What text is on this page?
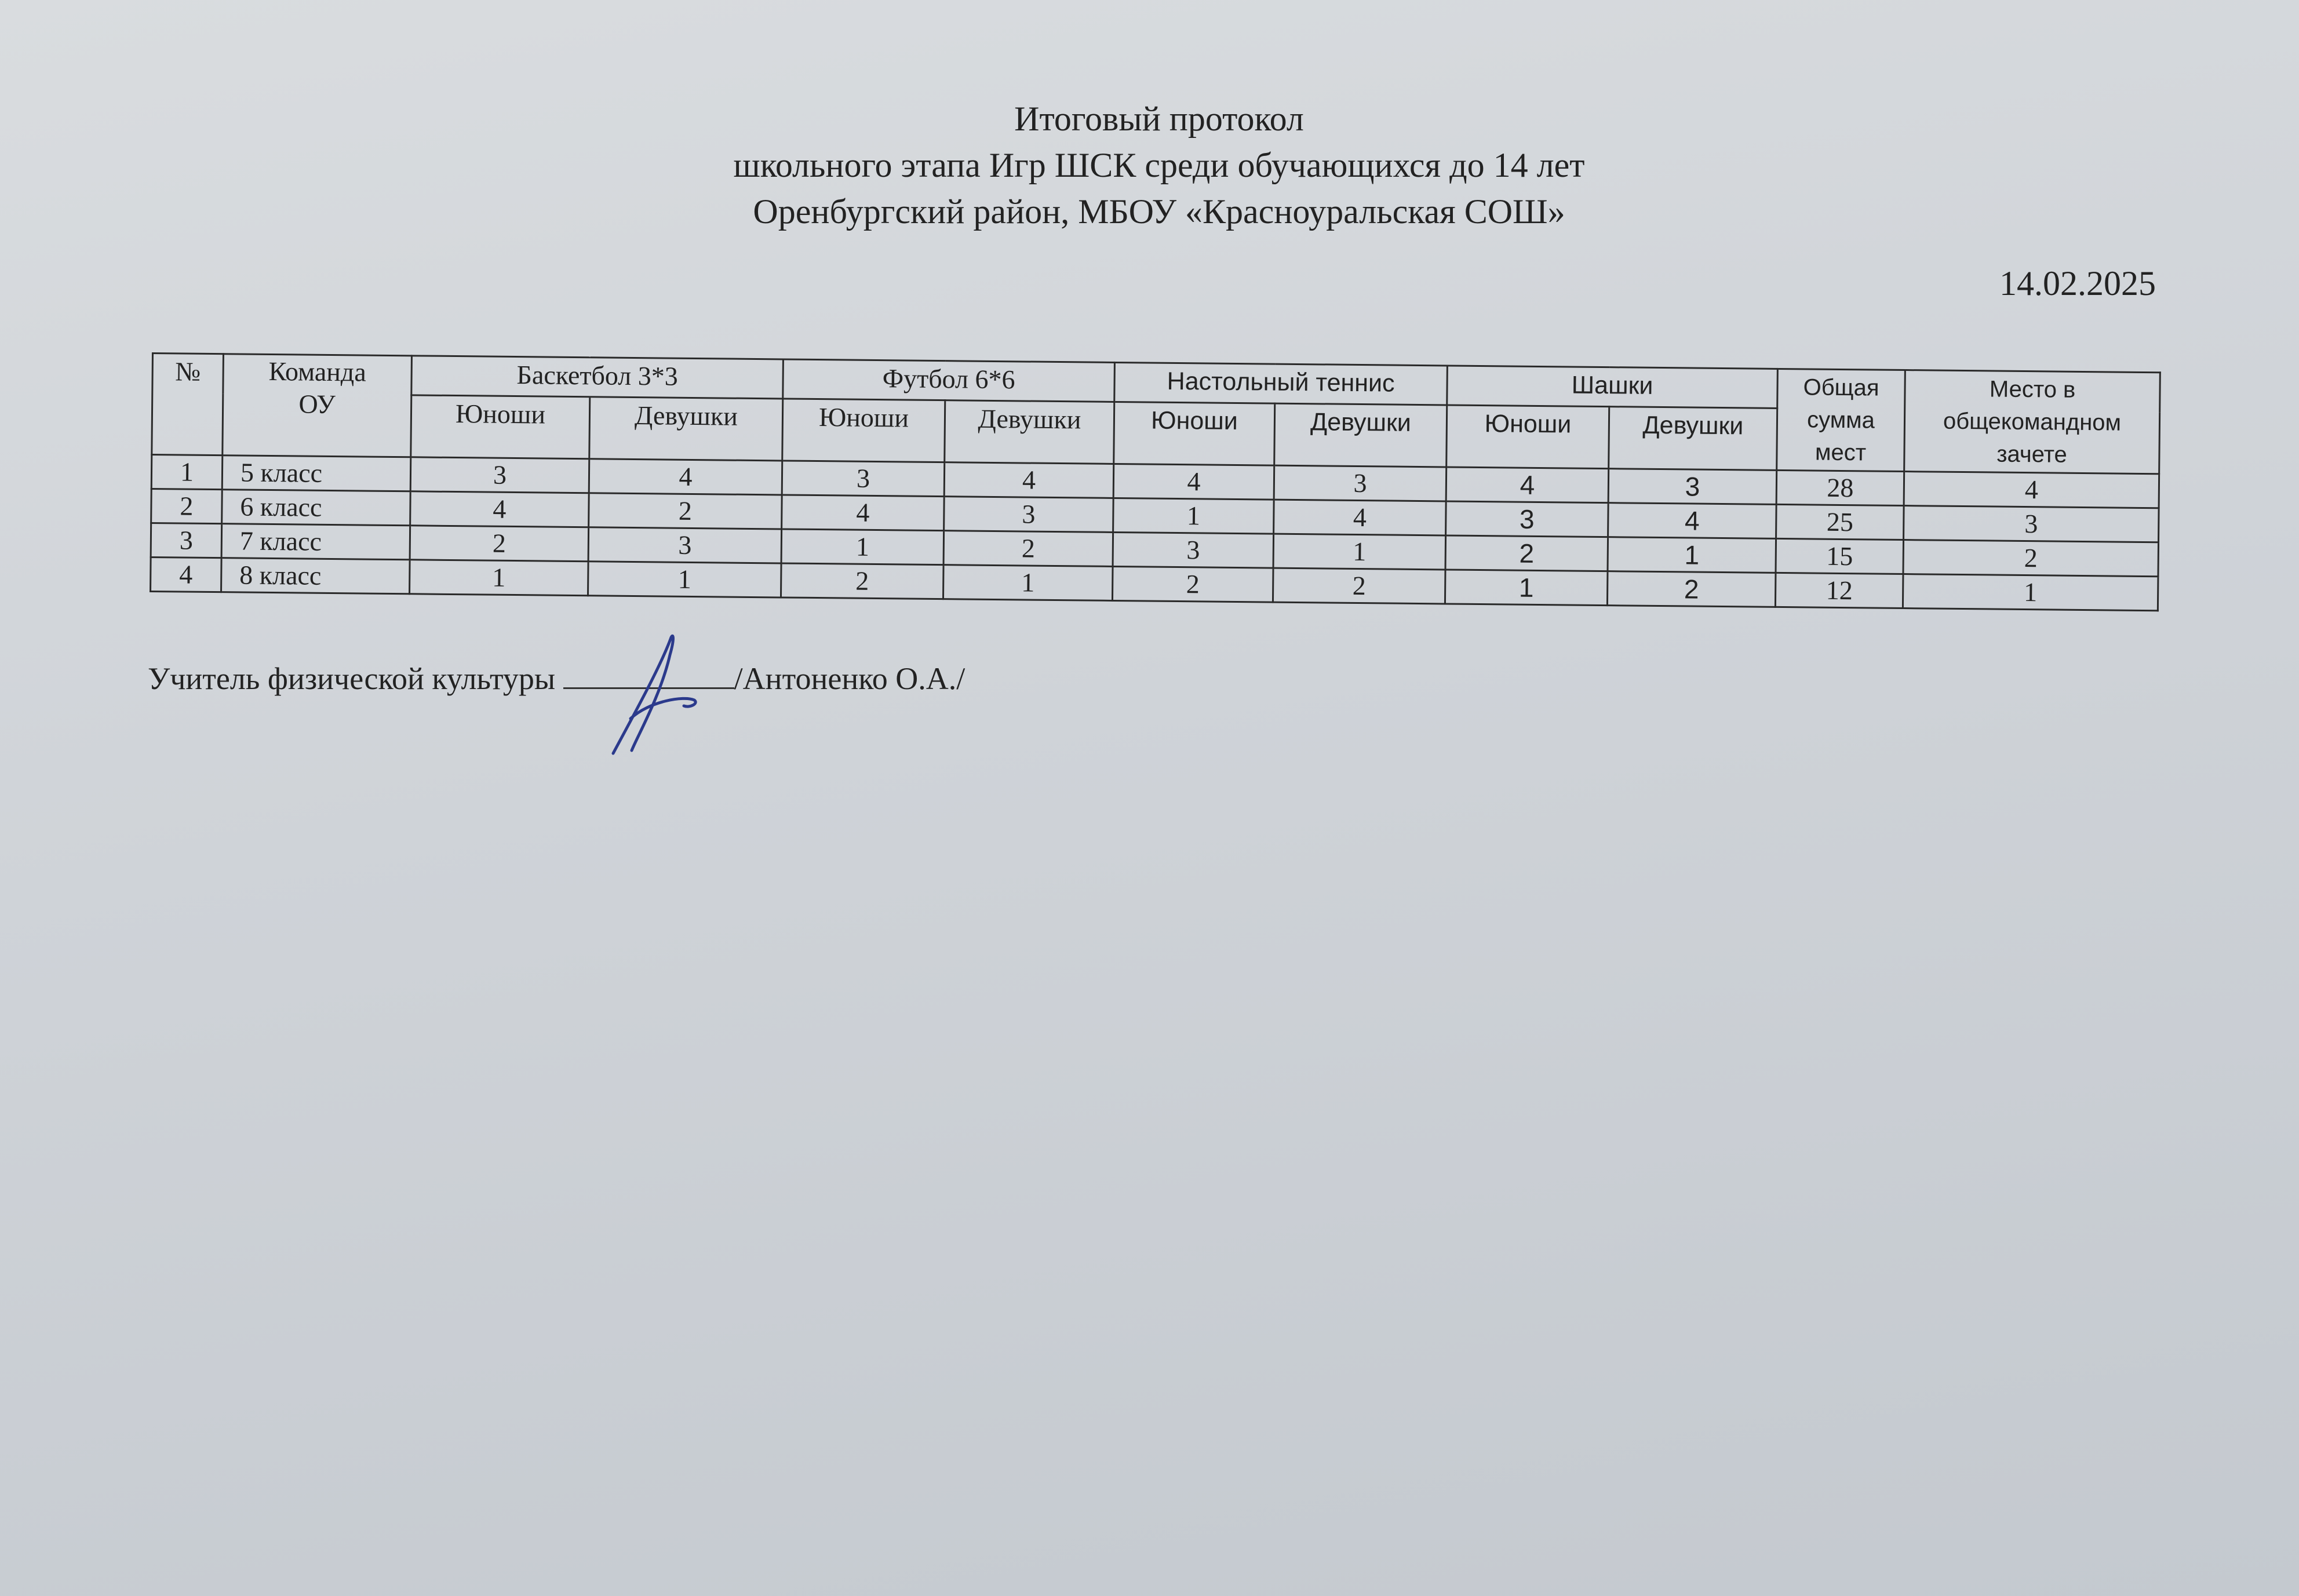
Итоговый протокол
школьного этапа Игр ШСК среди обучающихся до 14 лет
Оренбургский район, МБОУ «Красноуральская СОШ»
14.02.2025
№	Команда ОУ	Баскетбол 3*3		Футбол 6*6		Настольный теннис		Шашки		Общая сумма мест	Место в общекомандном зачете
		Юноши	Девушки	Юноши	Девушки	Юноши	Девушки	Юноши	Девушки		
1	5 класс	3	4	3	4	4	3	4	3	28	4
2	6 класс	4	2	4	3	1	4	3	4	25	3
3	7 класс	2	3	1	2	3	1	2	1	15	2
4	8 класс	1	1	2	1	2	2	1	2	12	1
Учитель физической культуры	/Антоненко О.А./
